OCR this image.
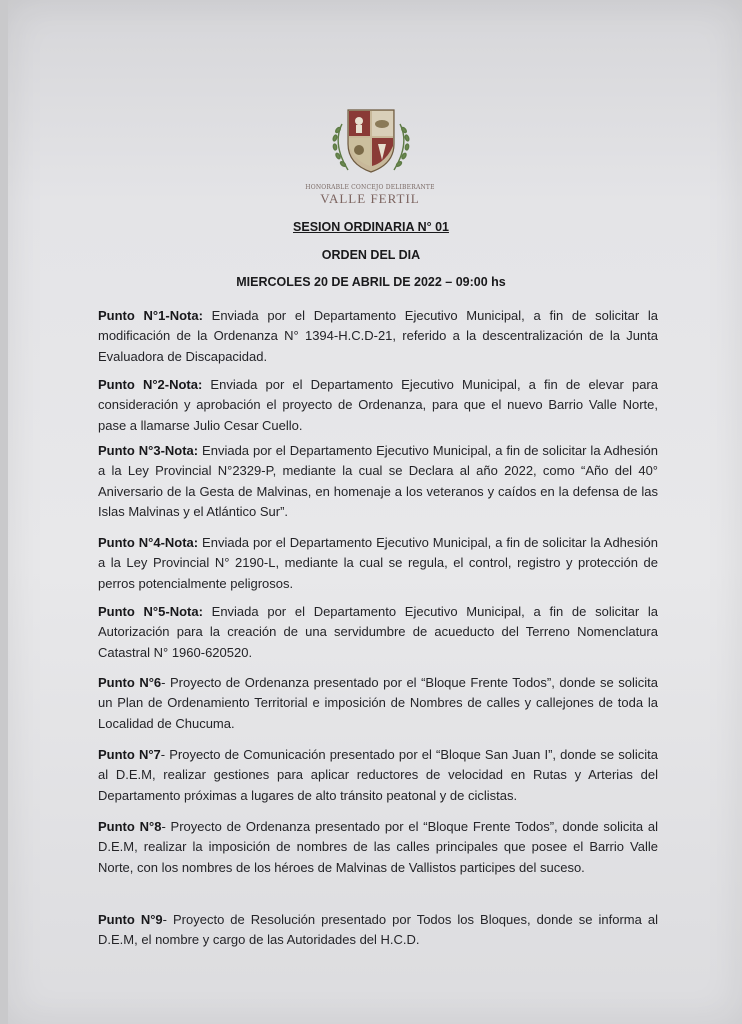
HONORABLE CONCEJO DELIBERANTE
VALLE FERTIL
SESION ORDINARIA N° 01
ORDEN DEL DIA
MIERCOLES 20 DE ABRIL DE 2022 – 09:00 hs
Punto N°1-Nota: Enviada por el Departamento Ejecutivo Municipal, a fin de solicitar la modificación de la Ordenanza N° 1394-H.C.D-21, referido a la descentralización de la Junta Evaluadora de Discapacidad.
Punto N°2-Nota: Enviada por el Departamento Ejecutivo Municipal, a fin de elevar para consideración y aprobación el proyecto de Ordenanza, para que el nuevo Barrio Valle Norte, pase a llamarse Julio Cesar Cuello.
Punto N°3-Nota: Enviada por el Departamento Ejecutivo Municipal, a fin de solicitar la Adhesión a la Ley Provincial N°2329-P, mediante la cual se Declara al año 2022, como “Año del 40° Aniversario de la Gesta de Malvinas, en homenaje a los veteranos y caídos en la defensa de las Islas Malvinas y el Atlántico Sur”.
Punto N°4-Nota: Enviada por el Departamento Ejecutivo Municipal, a fin de solicitar la Adhesión a la Ley Provincial N° 2190-L, mediante la cual se regula, el control, registro y protección de perros potencialmente peligrosos.
Punto N°5-Nota: Enviada por el Departamento Ejecutivo Municipal, a fin de solicitar la Autorización para la creación de una servidumbre de acueducto del Terreno Nomenclatura Catastral N° 1960-620520.
Punto N°6- Proyecto de Ordenanza presentado por el “Bloque Frente Todos”, donde se solicita un Plan de Ordenamiento Territorial e imposición de Nombres de calles y callejones de toda la Localidad de Chucuma.
Punto N°7- Proyecto de Comunicación presentado por el “Bloque San Juan I”, donde se solicita al D.E.M, realizar gestiones para aplicar reductores de velocidad en Rutas y Arterias del Departamento próximas a lugares de alto tránsito peatonal y de ciclistas.
Punto N°8- Proyecto de Ordenanza presentado por el “Bloque Frente Todos”, donde solicita al D.E.M, realizar la imposición de nombres de las calles principales que posee el Barrio Valle Norte, con los nombres de los héroes de Malvinas de Vallistos participes del suceso.
Punto N°9- Proyecto de Resolución presentado por Todos los Bloques, donde se informa al D.E.M, el nombre y cargo de las Autoridades del H.C.D.
